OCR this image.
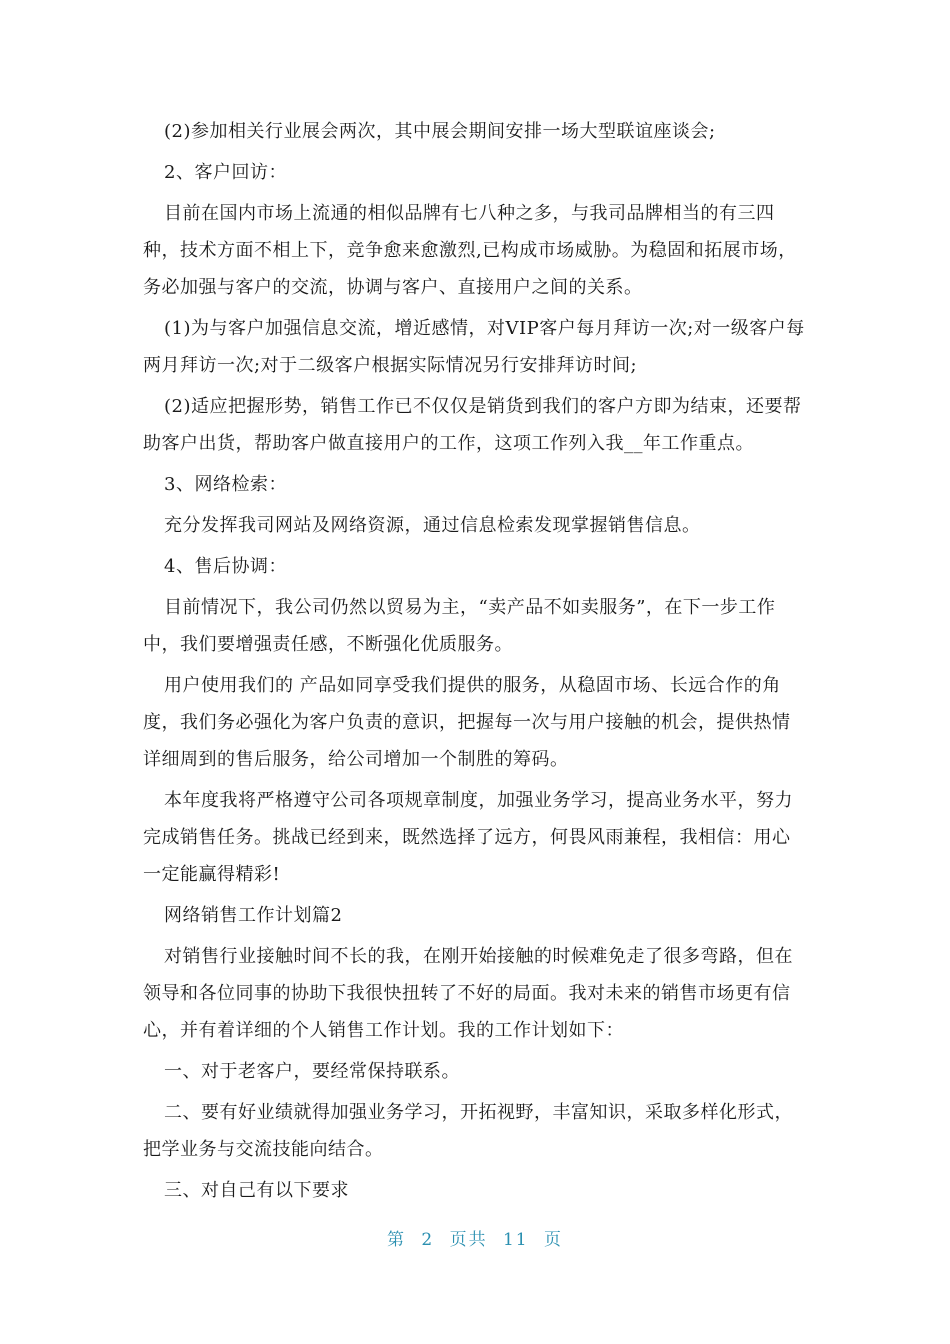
(2)参加相关行业展会两次，其中展会期间安排一场大型联谊座谈会;

2、客户回访：

目前在国内市场上流通的相似品牌有七八种之多，与我司品牌相当的有三四种，技术方面不相上下，竞争愈来愈激烈,已构成市场威胁。为稳固和拓展市场，务必加强与客户的交流，协调与客户、直接用户之间的关系。

(1)为与客户加强信息交流，增近感情，对VIP客户每月拜访一次;对一级客户每两月拜访一次;对于二级客户根据实际情况另行安排拜访时间;

(2)适应把握形势，销售工作已不仅仅是销货到我们的客户方即为结束，还要帮助客户出货，帮助客户做直接用户的工作，这项工作列入我__年工作重点。

3、网络检索：

充分发挥我司网站及网络资源，通过信息检索发现掌握销售信息。

4、售后协调：

目前情况下，我公司仍然以贸易为主，“卖产品不如卖服务”，在下一步工作中，我们要增强责任感，不断强化优质服务。

用户使用我们的 产品如同享受我们提供的服务，从稳固市场、长远合作的角度，我们务必强化为客户负责的意识，把握每一次与用户接触的机会，提供热情详细周到的售后服务，给公司增加一个制胜的筹码。

本年度我将严格遵守公司各项规章制度，加强业务学习，提高业务水平，努力完成销售任务。挑战已经到来，既然选择了远方，何畏风雨兼程，我相信：用心一定能赢得精彩!

网络销售工作计划篇2

对销售行业接触时间不长的我，在刚开始接触的时候难免走了很多弯路，但在领导和各位同事的协助下我很快扭转了不好的局面。我对未来的销售市场更有信心，并有着详细的个人销售工作计划。我的工作计划如下：

一、对于老客户，要经常保持联系。

二、要有好业绩就得加强业务学习，开拓视野，丰富知识，采取多样化形式，把学业务与交流技能向结合。

三、对自己有以下要求

第 2 页共 11 页
